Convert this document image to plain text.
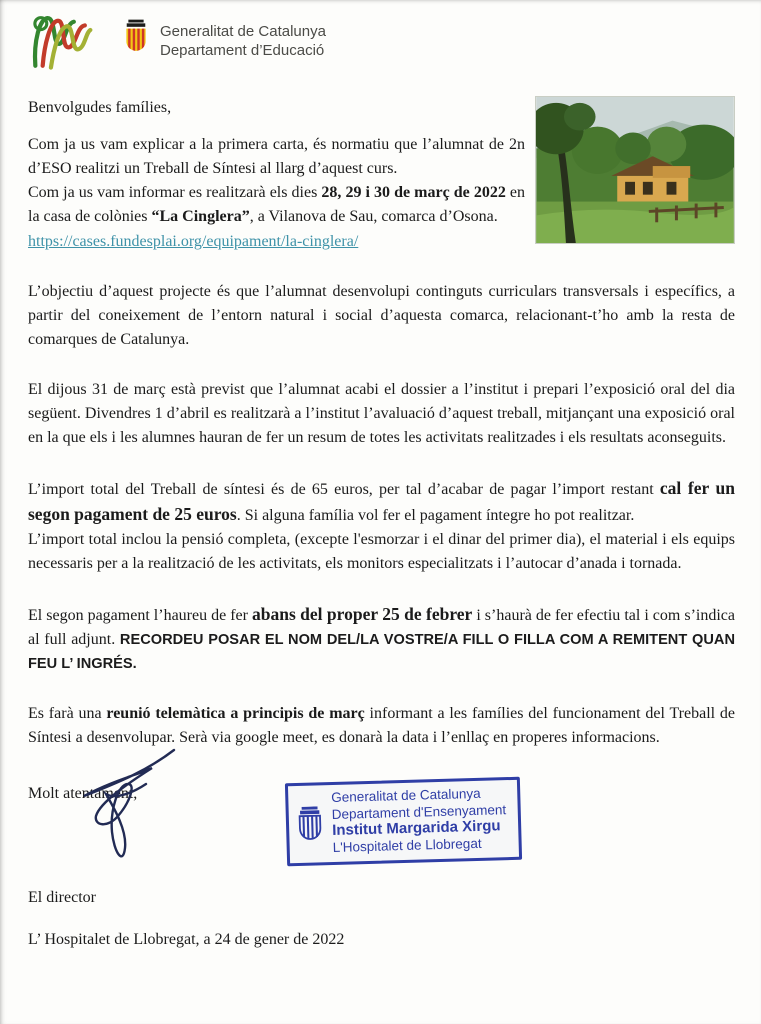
Generalitat de Catalunya
Departament d’Educació

Benvolgudes famílies,

Com ja us vam explicar a la primera carta, és normatiu que l’alumnat de 2n d’ESO realitzi un Treball de Síntesi al llarg d’aquest curs.

Com ja us vam informar es realitzarà els dies 28, 29 i 30 de març de 2022 en la casa de colònies “La Cinglera”, a Vilanova de Sau, comarca d’Osona.

https://cases.fundesplai.org/equipament/la-cinglera/

L’objectiu d’aquest projecte és que l’alumnat desenvolupi continguts curriculars transversals i específics, a partir del coneixement de l’entorn natural i social d’aquesta comarca, relacionant-t’ho amb la resta de comarques de Catalunya.

El dijous 31 de març està previst que l’alumnat acabi el dossier a l’institut i prepari l’exposició oral del dia següent. Divendres 1 d’abril es realitzarà a l’institut l’avaluació d’aquest treball, mitjançant una exposició oral en la que els i les alumnes hauran de fer un resum de totes les activitats realitzades i els resultats aconseguits.

L’import total del Treball de síntesi és de 65 euros, per tal d’acabar de pagar l’import restant cal fer un segon pagament de 25 euros. Si alguna família vol fer el pagament íntegre ho pot realitzar.

L’import total inclou la pensió completa, (excepte l'esmorzar i el dinar del primer dia), el material i els equips necessaris per a la realització de les activitats, els monitors especialitzats i l’autocar d’anada i tornada.

El segon pagament l’haureu de fer abans del proper 25 de febrer i s’haurà de fer efectiu tal i com s’indica al full adjunt. RECORDEU POSAR EL NOM DEL/LA VOSTRE/A FILL O FILLA COM A REMITENT QUAN FEU L’ INGRÉS.

Es farà una reunió telemàtica a principis de març informant a les famílies del funcionament del Treball de Síntesi a desenvolupar. Serà via google meet, es donarà la data i l’enllaç en properes informacions.

Molt atentament,	Generalitat de Catalunya
Departament d'Ensenyament
Institut Margarida Xirgu
L'Hospitalet de Llobregat

El director

L’ Hospitalet de Llobregat, a 24 de gener de 2022
